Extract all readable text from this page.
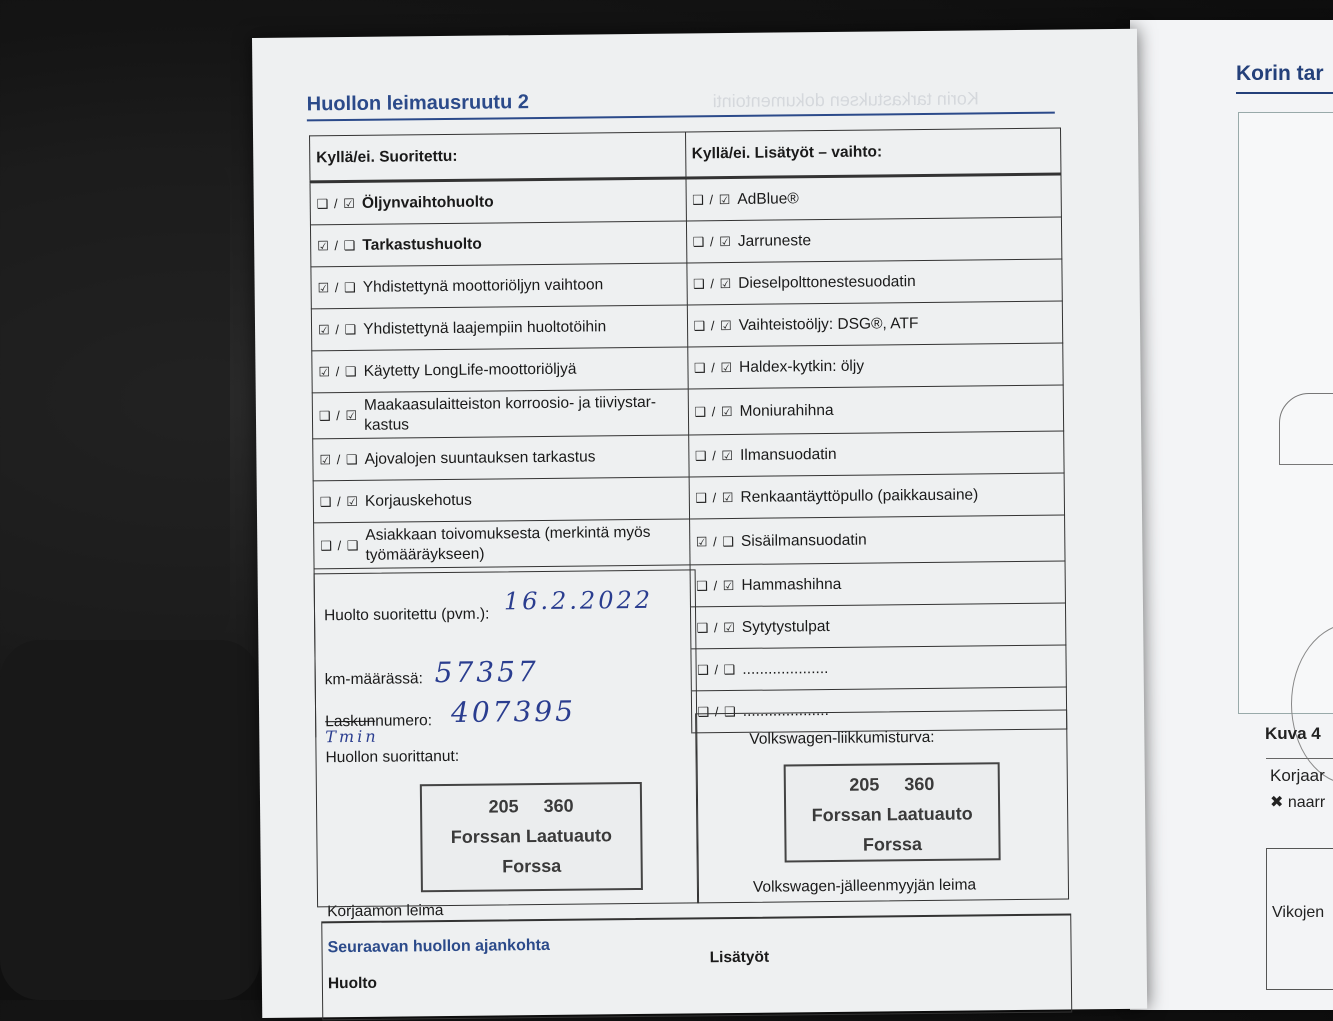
Korin tar
Kuva 4
Korjaar
✖ naarr
Vikojen
Korin tarkastuksen dokumentointi
Huollon leimausruutu 2
Kyllä/ei. Suoritettu:	Kyllä/ei. Lisätyöt – vaihto:
❑ / ☑ Öljynvaihtohuolto	❑ / ☑ AdBlue®
☑ / ❑ Tarkastushuolto	❑ / ☑ Jarruneste
☑ / ❑ Yhdistettynä moottoriöljyn vaihtoon	❑ / ☑ Dieselpolttonestesuodatin
☑ / ❑ Yhdistettynä laajempiin huoltotöihin	❑ / ☑ Vaihteistoöljy: DSG®, ATF
☑ / ❑ Käytetty LongLife-moottoriöljyä	❑ / ☑ Haldex-kytkin: öljy
❑ / ☑Maakaasulaitteiston korroosio- ja tiiviystar-kastus	❑ / ☑ Moniurahihna
☑ / ❑ Ajovalojen suuntauksen tarkastus	❑ / ☑ Ilmansuodatin
❑ / ☑ Korjauskehotus	❑ / ☑ Renkaantäyttöpullo (paikkausaine)
❑ / ❑Asiakkaan toivomuksesta (merkintä myös työmääräykseen)	☑ / ❑ Sisäilmansuodatin
	❑ / ☑ Hammashihna
	❑ / ☑ Sytytystulpat
	❑ / ❑ ....................
	❑ / ❑ ....................
Huolto suoritettu (pvm.): 16.2.2022
km-määrässä: 57357
Laskunnumero: 407395
Tmin
Huollon suorittanut:
205     360
Forssan Laatuauto
Forssa
Korjaamon leima
Volkswagen-liikkumisturva:
205     360
Forssan Laatuauto
Forssa
Volkswagen-jälleenmyyjän leima
Seuraavan huollon ajankohta
Huolto
Lisätyöt
